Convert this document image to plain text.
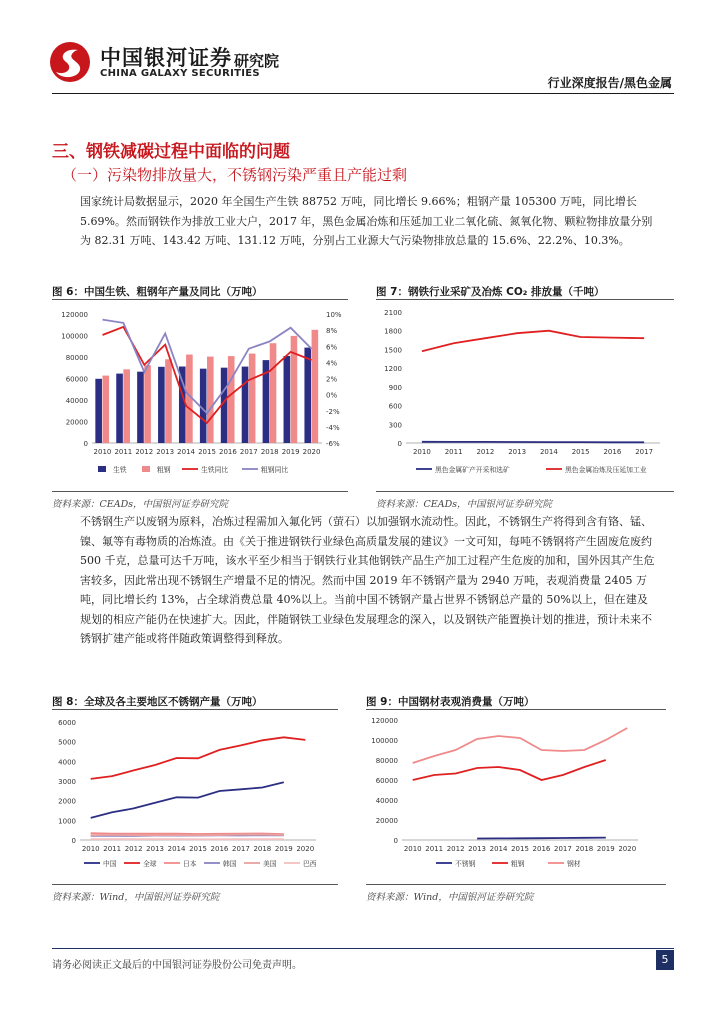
中国银河证券 研究院
CHINA GALAXY SECURITIES
行业深度报告/黑色金属
三、钢铁减碳过程中面临的问题
（一）污染物排放量大，不锈钢污染严重且产能过剩
国家统计局数据显示，2020 年全国生产生铁 88752 万吨，同比增长 9.66%；粗钢产量 105300 万吨，同比增长 5.69%。然而钢铁作为排放工业大户，2017 年，黑色金属冶炼和压延加工业二氧化硫、氮氧化物、颗粒物排放量分别为 82.31 万吨、143.42 万吨、131.12 万吨，分别占工业源大气污染物排放总量的 15.6%、22.2%、10.3%。
图 6：中国生铁、粗钢年产量及同比（万吨）	图 7：钢铁行业采矿及冶炼 CO₂ 排放量（千吨）
0
20000
40000
60000
80000
100000
120000
-6%
-4%
-2%
0%
2%
4%
6%
8%
10%
2010 2011 2012 2013 2014 2015 2016 2017 2018 2019 2020
生铁	粗钢	生铁同比	粗钢同比
0
300
600
900
1200
1500
1800
2100
2010 2011 2012 2013 2014 2015 2016 2017
黑色金属矿产开采和选矿	黑色金属冶炼及压延加工业
资料来源：CEADs，中国银河证券研究院	资料来源：CEADs，中国银河证券研究院
不锈钢生产以废钢为原料，冶炼过程需加入氟化钙（萤石）以加强钢水流动性。因此，不锈钢生产将得到含有铬、锰、镍、氟等有毒物质的冶炼渣。由《关于推进钢铁行业绿色高质量发展的建议》一文可知，每吨不锈钢将产生固废危废约 500 千克，总量可达千万吨，该水平至少相当于钢铁行业其他钢铁产品生产加工过程产生危废的加和，国外因其产生危害较多，因此常出现不锈钢生产增量不足的情况。然而中国 2019 年不锈钢产量为 2940 万吨，表观消费量 2405 万吨，同比增长约 13%，占全球消费总量 40%以上。当前中国不锈钢产量占世界不锈钢总产量的 50%以上，但在建及规划的相应产能仍在快速扩大。因此，伴随钢铁工业绿色发展理念的深入，以及钢铁产能置换计划的推进，预计未来不锈钢扩建产能或将伴随政策调整得到释放。
图 8：全球及各主要地区不锈钢产量（万吨）	图 9：中国钢材表观消费量（万吨）
0
1000
2000
3000
4000
5000
6000
2010 2011 2012 2013 2014 2015 2016 2017 2018 2019 2020
中国	全球	日本	韩国	美国	巴西
0
20000
40000
60000
80000
100000
120000
2010 2011 2012 2013 2014 2015 2016 2017 2018 2019 2020
不锈钢	粗钢	钢材
资料来源：Wind，中国银河证券研究院	资料来源：Wind，中国银河证券研究院
请务必阅读正文最后的中国银河证券股份公司免责声明。	5
